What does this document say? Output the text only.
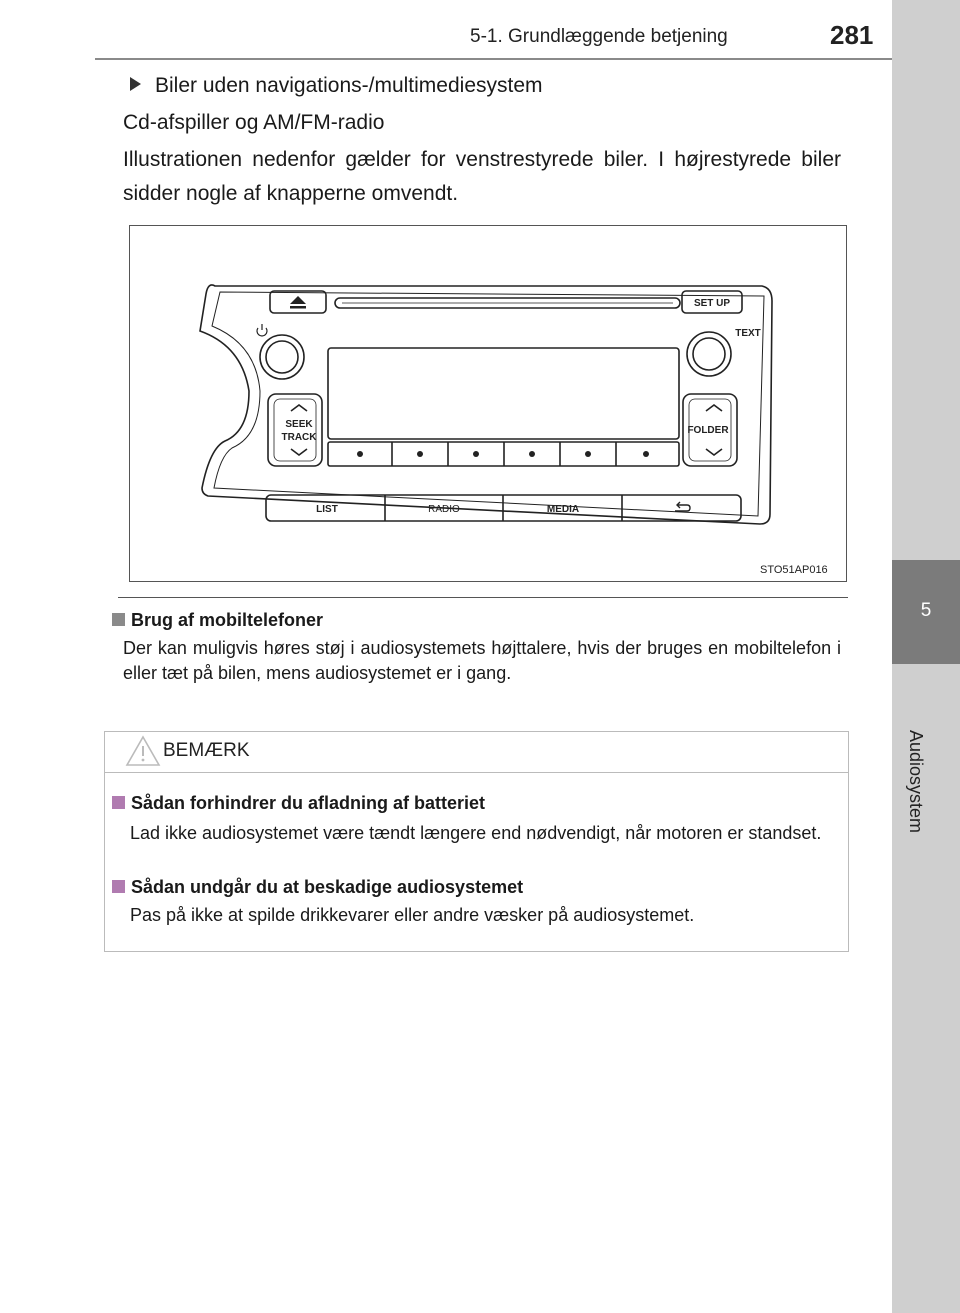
5-1. Grundlæggende betjening	281
5
Audiosystem
Biler uden navigations-/multimediesystem
Cd-afspiller og AM/FM-radio
Illustrationen nedenfor gælder for venstrestyrede biler. I højrestyrede biler sidder nogle af knapperne omvendt.
SET UP
TEXT
SEEK
TRACK
FOLDER
LIST	RADIO	MEDIA
STO51AP016
Brug af mobiltelefoner
Der kan muligvis høres støj i audiosystemets højttalere, hvis der bruges en mobiltelefon i eller tæt på bilen, mens audiosystemet er i gang.
BEMÆRK
Sådan forhindrer du afladning af batteriet
Lad ikke audiosystemet være tændt længere end nødvendigt, når motoren er standset.
Sådan undgår du at beskadige audiosystemet
Pas på ikke at spilde drikkevarer eller andre væsker på audiosystemet.
